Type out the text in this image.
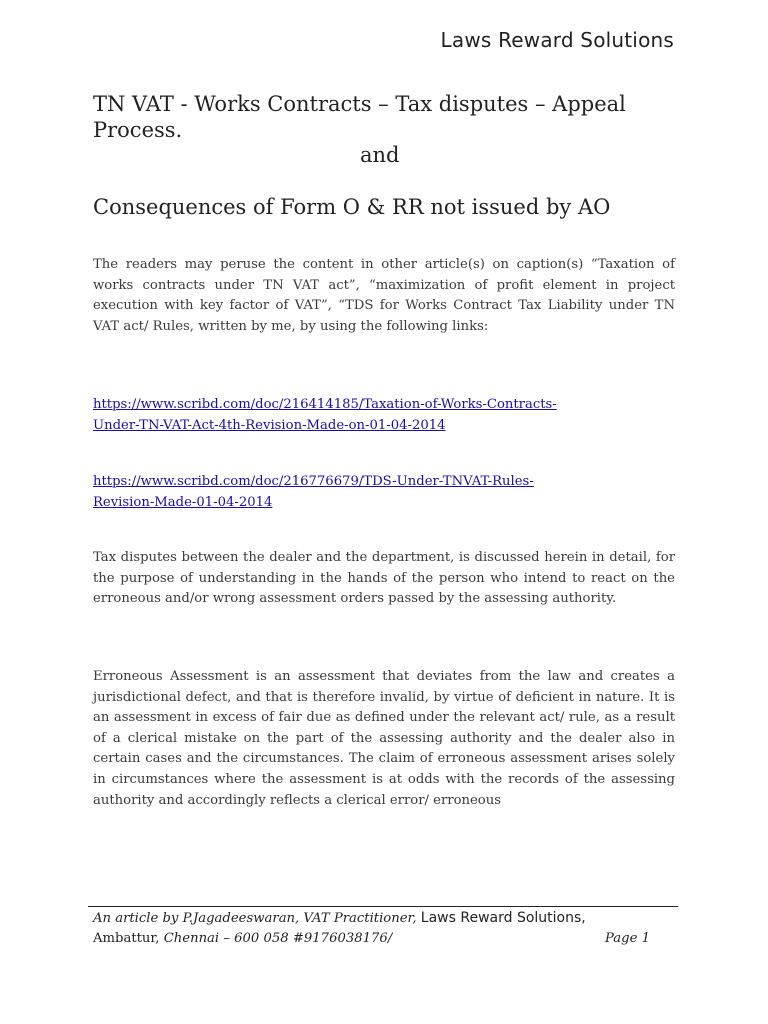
Laws Reward Solutions
TN VAT - Works Contracts – Tax disputes – Appeal
Process.
and
Consequences of Form O & RR not issued by AO

The readers may peruse the content in other article(s) on caption(s) “Taxation of works contracts under TN VAT act”, “maximization of profit element in project execution with key factor of VAT”, “TDS for Works Contract Tax Liability under TN VAT act/ Rules, written by me, by using the following links:

https://www.scribd.com/doc/216414185/Taxation-of-Works-Contracts-
Under-TN-VAT-Act-4th-Revision-Made-on-01-04-2014
https://www.scribd.com/doc/216776679/TDS-Under-TNVAT-Rules-
Revision-Made-01-04-2014

Tax disputes between the dealer and the department, is discussed herein in detail, for the purpose of understanding in the hands of the person who intend to react on the erroneous and/or wrong assessment orders passed by the assessing authority.

Erroneous Assessment is an assessment that deviates from the law and creates a jurisdictional defect, and that is therefore invalid, by virtue of deficient in nature. It is an assessment in excess of fair due as defined under the relevant act/ rule, as a result of a clerical mistake on the part of the assessing authority and the dealer also in certain cases and the circumstances. The claim of erroneous assessment arises solely in circumstances where the assessment is at odds with the records of the assessing authority and accordingly reflects a clerical error/ erroneous

An article by P.Jagadeeswaran, VAT Practitioner, Laws Reward Solutions,
Ambattur, Chennai – 600 058 #9176038176/	Page 1
